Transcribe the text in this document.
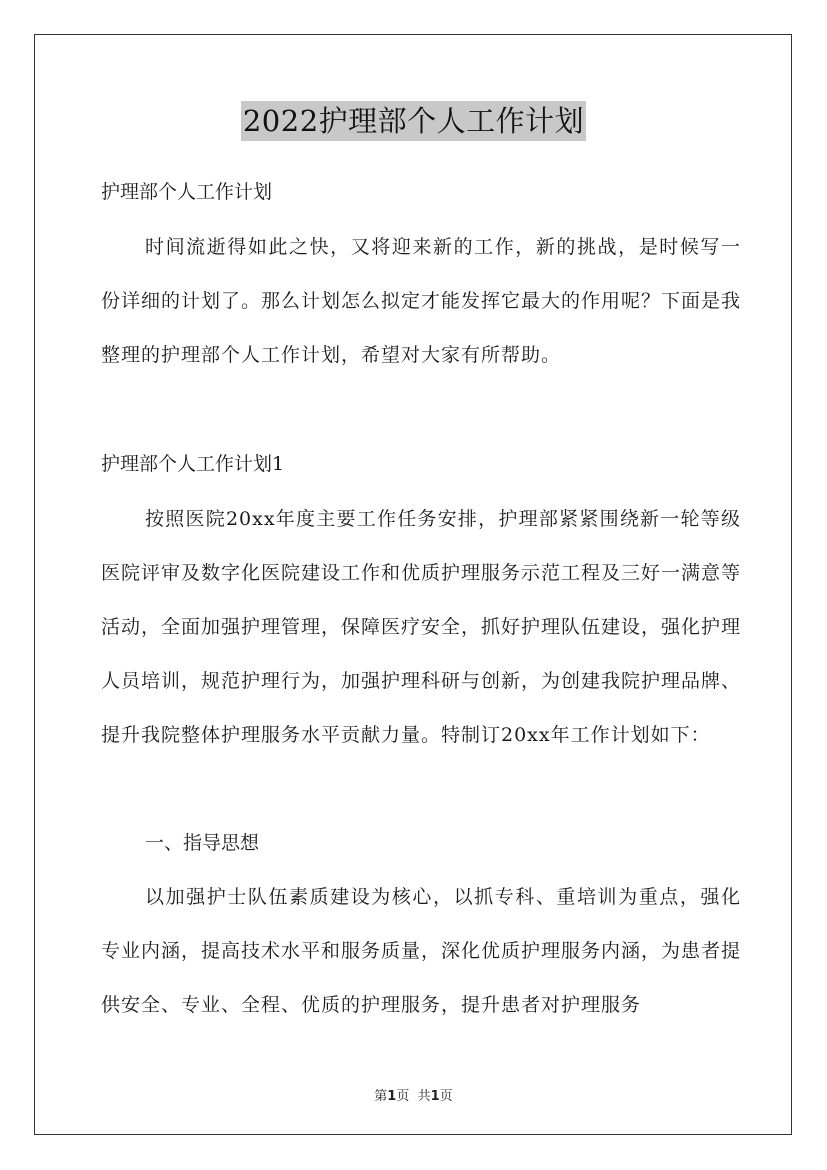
2022护理部个人工作计划

护理部个人工作计划

时间流逝得如此之快，又将迎来新的工作，新的挑战，是时候写一份详细的计划了。那么计划怎么拟定才能发挥它最大的作用呢？下面是我整理的护理部个人工作计划，希望对大家有所帮助。

护理部个人工作计划1

按照医院20xx年度主要工作任务安排，护理部紧紧围绕新一轮等级医院评审及数字化医院建设工作和优质护理服务示范工程及三好一满意等活动，全面加强护理管理，保障医疗安全，抓好护理队伍建设，强化护理人员培训，规范护理行为，加强护理科研与创新，为创建我院护理品牌、提升我院整体护理服务水平贡献力量。特制订20xx年工作计划如下：

一、指导思想

以加强护士队伍素质建设为核心，以抓专科、重培训为重点，强化专业内涵，提高技术水平和服务质量，深化优质护理服务内涵，为患者提供安全、专业、全程、优质的护理服务，提升患者对护理服务

第1页 共1页
